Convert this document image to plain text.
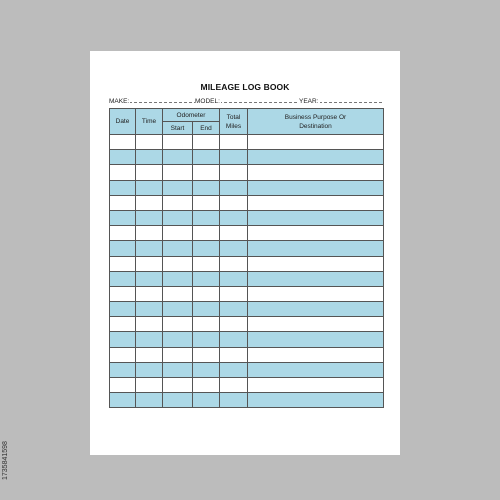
MILEAGE LOG BOOK
MAKE:	MODEL:	YEAR:
Date	Time	Odometer		Total Miles	Business Purpose Or Destination

		Start	End		

1735841598
